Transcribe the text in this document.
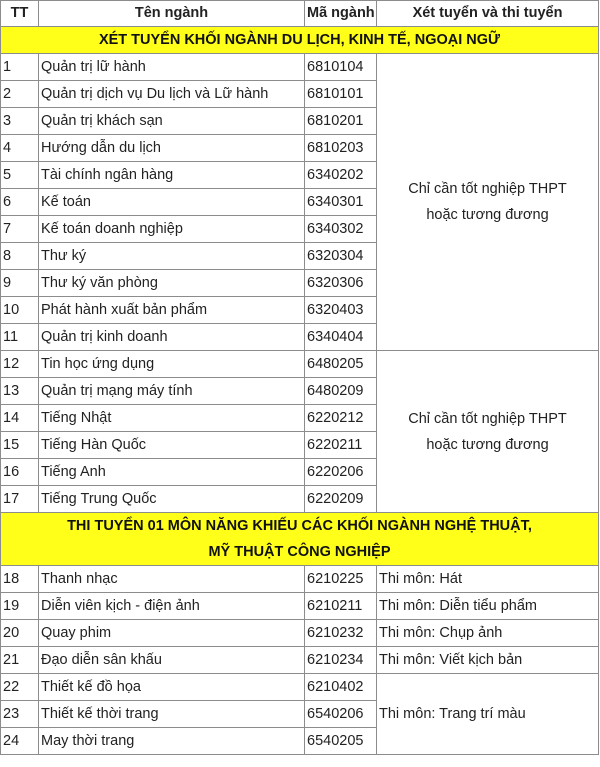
TT	Tên ngành	Mã ngành	Xét tuyển và thi tuyển
XÉT TUYỂN KHỐI NGÀNH DU LỊCH, KINH TẾ, NGOẠI NGỮ			
1	Quản trị lữ hành	6810104	Chỉ cần tốt nghiệp THPT
hoặc tương đương

2	Quản trị dịch vụ Du lịch và Lữ hành	6810101	
3	Quản trị khách sạn	6810201	
4	Hướng dẫn du lịch	6810203	
5	Tài chính ngân hàng	6340202	
6	Kế toán	6340301	
7	Kế toán doanh nghiệp	6340302	
8	Thư ký	6320304	
9	Thư ký văn phòng	6320306	
10	Phát hành xuất bản phẩm	6320403	
11	Quản trị kinh doanh	6340404	
12	Tin học ứng dụng	6480205	Chỉ cần tốt nghiệp THPT
hoặc tương đương

13	Quản trị mạng máy tính	6480209	
14	Tiếng Nhật	6220212	
15	Tiếng Hàn Quốc	6220211	
16	Tiếng Anh	6220206	
17	Tiếng Trung Quốc	6220209	

THI TUYỂN 01 MÔN NĂNG KHIẾU CÁC KHỐI NGÀNH NGHỆ THUẬT,
MỸ THUẬT CÔNG NGHIỆP			

18	Thanh nhạc	6210225	Thi môn: Hát
19	Diễn viên kịch - điện ảnh	6210211	Thi môn: Diễn tiểu phẩm
20	Quay phim	6210232	Thi môn: Chụp ảnh
21	Đạo diễn sân khấu	6210234	Thi môn: Viết kịch bản
22	Thiết kế đồ họa	6210402	Thi môn: Trang trí màu
23	Thiết kế thời trang	6540206	
24	May thời trang	6540205	
